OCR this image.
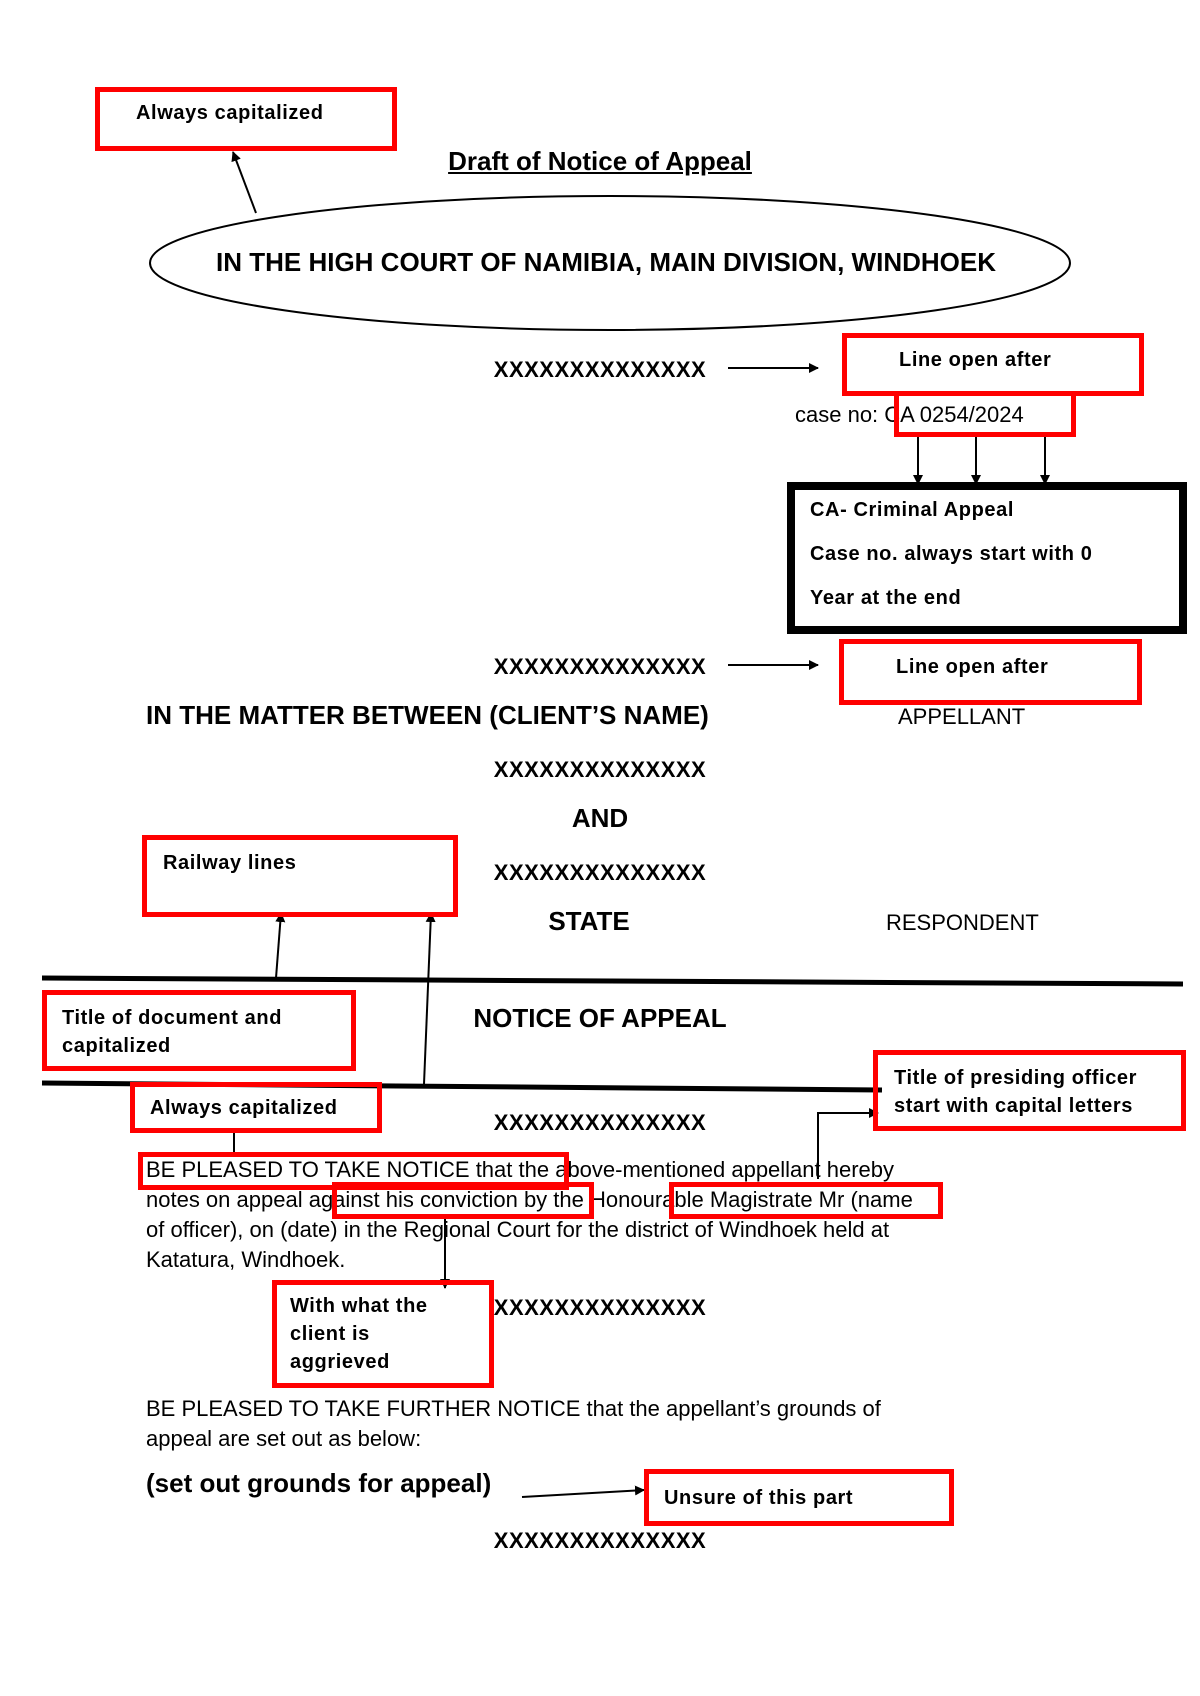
Draft of Notice of Appeal
IN THE HIGH COURT OF NAMIBIA, MAIN DIVISION, WINDHOEK
XXXXXXXXXXXXXX
case no: CA 0254/2024
XXXXXXXXXXXXXX
IN THE MATTER BETWEEN (CLIENT’S NAME)	APPELLANT
XXXXXXXXXXXXXX
AND
XXXXXXXXXXXXXX
STATE	RESPONDENT
NOTICE OF APPEAL
XXXXXXXXXXXXXX
BE PLEASED TO TAKE NOTICE that the above-mentioned appellant hereby
notes on appeal against his conviction by the Honourable Magistrate Mr (name
of officer), on (date) in the Regional Court for the district of Windhoek held at
Katatura, Windhoek.
XXXXXXXXXXXXXX
BE PLEASED TO TAKE FURTHER NOTICE that the appellant’s grounds of
appeal are set out as below:
(set out grounds for appeal)
XXXXXXXXXXXXXX
Always capitalized
Line open after
CA- Criminal Appeal
Case no. always start with 0
Year at the end
Line open after
Railway lines
Title of document and
capitalized
Always capitalized
Title of presiding officer
start with capital letters
With what the
client is
aggrieved
Unsure of this part
